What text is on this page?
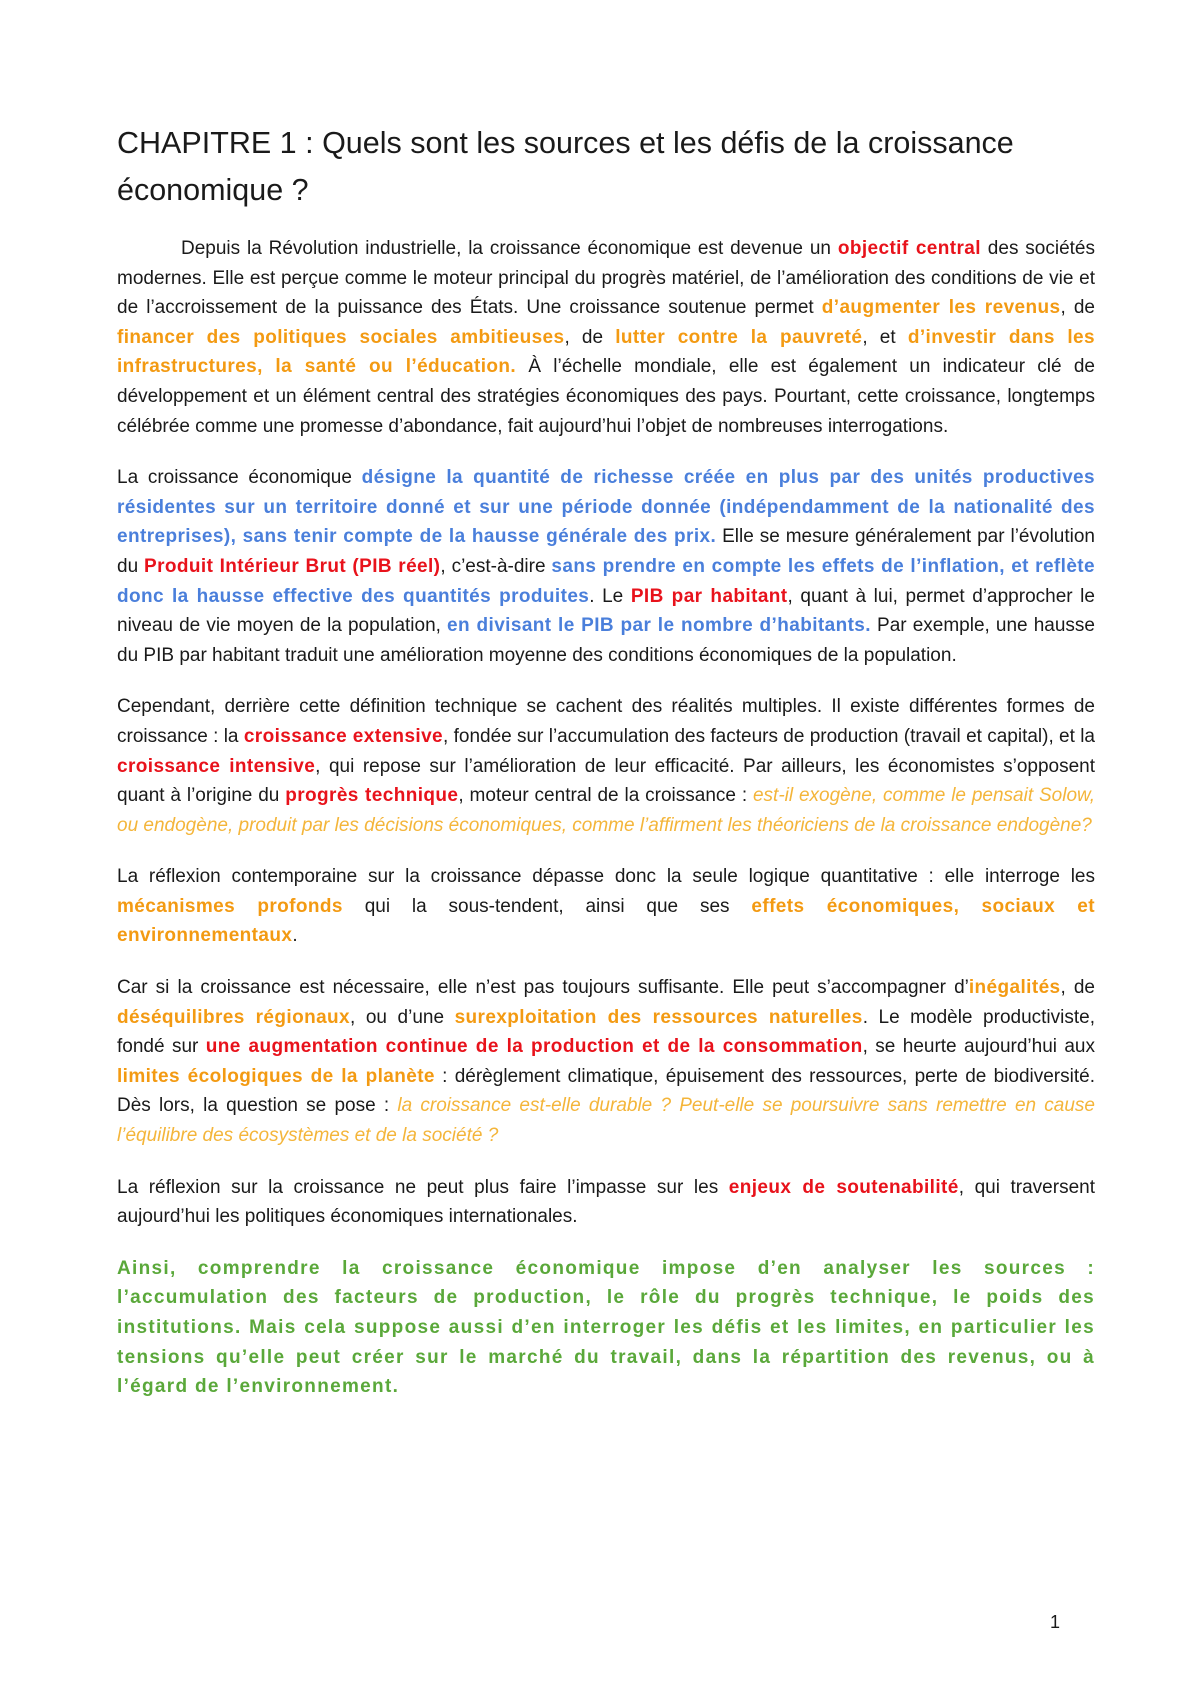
CHAPITRE 1 : Quels sont les sources et les défis de la croissance économique ?

Depuis la Révolution industrielle, la croissance économique est devenue un objectif central des sociétés modernes. Elle est perçue comme le moteur principal du progrès matériel, de l’amélioration des conditions de vie et de l’accroissement de la puissance des États. Une croissance soutenue permet d’augmenter les revenus, de financer des politiques sociales ambitieuses, de lutter contre la pauvreté, et d’investir dans les infrastructures, la santé ou l’éducation. À l’échelle mondiale, elle est également un indicateur clé de développement et un élément central des stratégies économiques des pays. Pourtant, cette croissance, longtemps célébrée comme une promesse d’abondance, fait aujourd’hui l’objet de nombreuses interrogations.

La croissance économique désigne la quantité de richesse créée en plus par des unités productives résidentes sur un territoire donné et sur une période donnée (indépendamment de la nationalité des entreprises), sans tenir compte de la hausse générale des prix. Elle se mesure généralement par l’évolution du Produit Intérieur Brut (PIB réel), c’est-à-dire sans prendre en compte les effets de l’inflation, et reflète donc la hausse effective des quantités produites. Le PIB par habitant, quant à lui, permet d’approcher le niveau de vie moyen de la population, en divisant le PIB par le nombre d’habitants. Par exemple, une hausse du PIB par habitant traduit une amélioration moyenne des conditions économiques de la population.

Cependant, derrière cette définition technique se cachent des réalités multiples. Il existe différentes formes de croissance : la croissance extensive, fondée sur l’accumulation des facteurs de production (travail et capital), et la croissance intensive, qui repose sur l’amélioration de leur efficacité. Par ailleurs, les économistes s’opposent quant à l’origine du progrès technique, moteur central de la croissance : est-il exogène, comme le pensait Solow, ou endogène, produit par les décisions économiques, comme l’affirment les théoriciens de la croissance endogène?

La réflexion contemporaine sur la croissance dépasse donc la seule logique quantitative : elle interroge les mécanismes profonds qui la sous-tendent, ainsi que ses effets économiques, sociaux et environnementaux.

Car si la croissance est nécessaire, elle n’est pas toujours suffisante. Elle peut s’accompagner d’inégalités, de déséquilibres régionaux, ou d’une surexploitation des ressources naturelles. Le modèle productiviste, fondé sur une augmentation continue de la production et de la consommation, se heurte aujourd’hui aux limites écologiques de la planète : dérèglement climatique, épuisement des ressources, perte de biodiversité. Dès lors, la question se pose : la croissance est-elle durable ? Peut-elle se poursuivre sans remettre en cause l’équilibre des écosystèmes et de la société ?

La réflexion sur la croissance ne peut plus faire l’impasse sur les enjeux de soutenabilité, qui traversent aujourd’hui les politiques économiques internationales.

Ainsi, comprendre la croissance économique impose d’en analyser les sources : l’accumulation des facteurs de production, le rôle du progrès technique, le poids des institutions. Mais cela suppose aussi d’en interroger les défis et les limites, en particulier les tensions qu’elle peut créer sur le marché du travail, dans la répartition des revenus, ou à l’égard de l’environnement.

1
